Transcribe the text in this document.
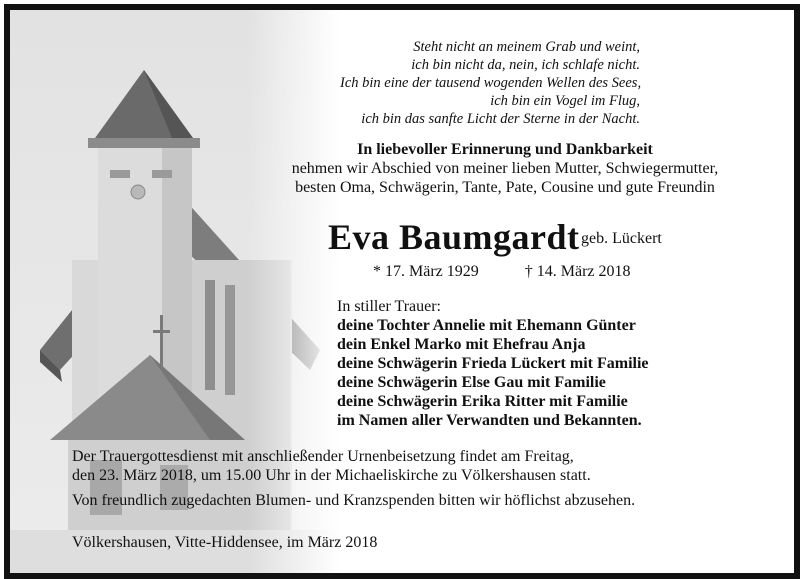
Steht nicht an meinem Grab und weint,
ich bin nicht da, nein, ich schlafe nicht.
Ich bin eine der tausend wogenden Wellen des Sees,
ich bin ein Vogel im Flug,
ich bin das sanfte Licht der Sterne in der Nacht.
In liebevoller Erinnerung und Dankbarkeit
nehmen wir Abschied von meiner lieben Mutter, Schwiegermutter,
besten Oma, Schwägerin, Tante, Pate, Cousine und gute Freundin
Eva Baumgardt geb. Lückert
* 17. März 1929	† 14. März 2018
In stiller Trauer:
deine Tochter Annelie mit Ehemann Günter
dein Enkel Marko mit Ehefrau Anja
deine Schwägerin Frieda Lückert mit Familie
deine Schwägerin Else Gau mit Familie
deine Schwägerin Erika Ritter mit Familie
im Namen aller Verwandten und Bekannten.
Der Trauergottesdienst mit anschließender Urnenbeisetzung findet am Freitag,
den 23. März 2018, um 15.00 Uhr in der Michaeliskirche zu Völkershausen statt.
Von freundlich zugedachten Blumen- und Kranzspenden bitten wir höflichst abzusehen.
Völkershausen, Vitte-Hiddensee, im März 2018
